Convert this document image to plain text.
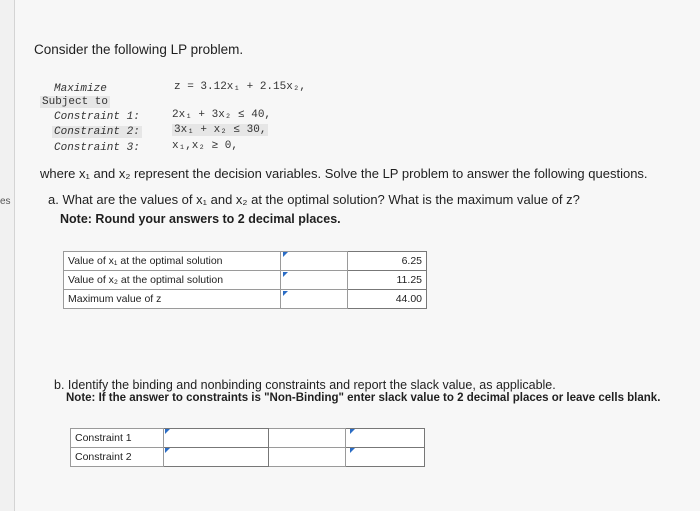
es
Consider the following LP problem.
Maximize	z = 3.12x₁ + 2.15x₂,
Subject to
Constraint 1:	2x₁ + 3x₂ ≤ 40,
Constraint 2:	3x₁ + x₂ ≤ 30,
Constraint 3:	x₁,x₂ ≥ 0,
where x₁ and x₂ represent the decision variables. Solve the LP problem to answer the following questions.
a. What are the values of x₁ and x₂ at the optimal solution? What is the maximum value of z?
Note: Round your answers to 2 decimal places.
Value of x₁ at the optimal solution		6.25
Value of x₂ at the optimal solution		11.25
Maximum value of z		44.00
b. Identify the binding and nonbinding constraints and report the slack value, as applicable.
Note: If the answer to constraints is "Non-Binding" enter slack value to 2 decimal places or leave cells blank.
Constraint 1			
Constraint 2			
